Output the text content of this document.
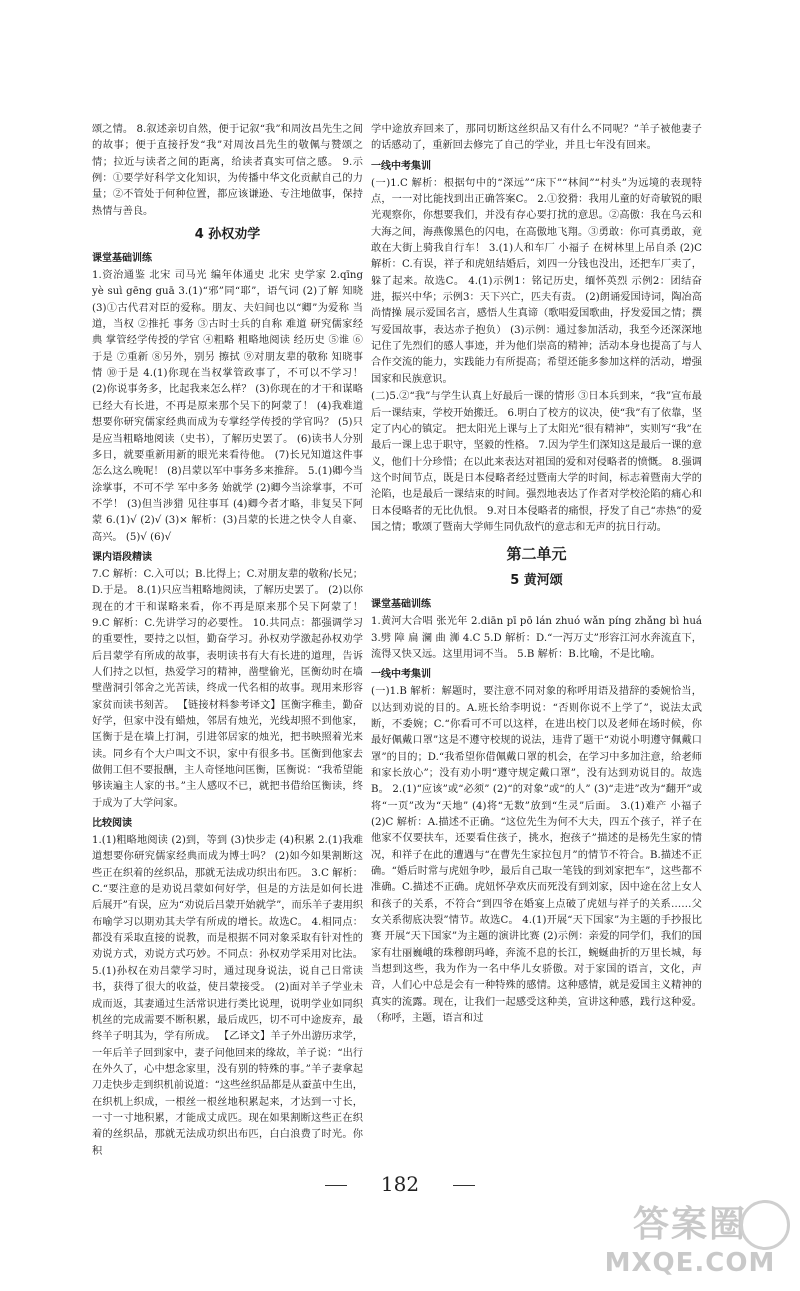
颂之情。 8.叙述亲切自然，便于记叙“我”和周汝昌先生之间的故事；便于直接抒发“我”对周汝昌先生的敬佩与赞颂之情；拉近与读者之间的距离，给读者真实可信之感。 9.示例：①要学好科学文化知识，为传播中华文化贡献自己的力量；②不管处于何种位置，都应该谦逊、专注地做事，保持热情与善良。

4 孙权劝学
课堂基础训练

1.资治通鉴 北宋 司马光 编年体通史 北宋 史学家 2.qīng yè suì gēng guā 3.(1)“邪”同“耶”，语气词 (2)了解 知晓 (3)①古代君对臣的爱称。朋友、夫妇间也以“卿”为爱称 当道，当权 ②推托 事务 ③古时士兵的自称 难道 研究儒家经典 掌管经学传授的学官 ④粗略 粗略地阅读 经历史 ⑤谁 ⑥于是 ⑦重新 ⑧另外，别另 擦拭 ⑨对朋友辈的敬称 知晓事情 ⑩于是 4.(1)你现在当权掌管政事了，不可以不学习！ (2)你说事务多，比起我来怎么样？ (3)你现在的才干和谋略已经大有长进，不再是原来那个吴下的阿蒙了！ (4)我难道想要你研究儒家经典而成为专掌经学传授的学官吗？ (5)只是应当粗略地阅读（史书），了解历史罢了。 (6)读书人分别多日，就要重新用新的眼光来看待他。 (7)长兄知道这件事怎么这么晚呢！ (8)吕蒙以军中事务多来推辞。 5.(1)卿今当涂掌事，不可不学 军中多务 始就学 (2)卿今当涂掌事，不可不学！ (3)但当涉猎 见往事耳 (4)卿今者才略，非复吴下阿蒙 6.(1)√ (2)√ (3)× 解析：(3)吕蒙的长进之快令人自豪、高兴。 (5)√ (6)√

课内语段精读

7.C 解析：C.入可以；B.比得上；C.对朋友辈的敬称/长兄；D.于是。 8.(1)只应当粗略地阅读，了解历史罢了。 (2)以你现在的才干和谋略来看，你不再是原来那个吴下阿蒙了！ 9.C 解析：C.先讲学习的必要性。 10.共同点：都强调学习的重要性，要持之以恒，勤奋学习。孙权劝学激起孙权劝学后吕蒙学有所成的故事，表明读书有大有长进的道理，告诉人们持之以恒，热爱学习的精神，凿壁偷光，匡衡幼时在墙壁凿洞引邻舍之光苦读，终成一代名相的故事。现用来形容家贫而读书刻苦。 【链接材料参考译文】匡衡字稚圭，勤奋好学，但家中没有蜡烛，邻居有烛光，光线却照不到他家，匡衡于是在墙上打洞，引进邻居家的烛光，把书映照着光来读。同乡有个大户叫文不识，家中有很多书。匡衡到他家去做佣工但不要报酬，主人奇怪地问匡衡，匡衡说：“我希望能够读遍主人家的书。”主人感叹不已，就把书借给匡衡读，终于成为了大学问家。

比较阅读

1.(1)粗略地阅读 (2)到，等到 (3)快步走 (4)积累 2.(1)我难道想要你研究儒家经典而成为博士吗？ (2)如今如果割断这些正在织着的丝织品，那就无法成功织出布匹。 3.C 解析：C.“要注意的是劝说吕蒙如何好学，但是的方法是如何长进后展开”有误，应为“劝说后吕蒙开始就学”，而乐羊子妻用织布喻学习以期劝其夫学有所成的增长。故选C。 4.相同点：都没有采取直接的说教，而是根据不同对象采取有针对性的劝说方式，劝说方式巧妙。不同点：孙权劝学采用对比法。 5.(1)孙权在劝吕蒙学习时，通过现身说法，说自己日常读书，获得了很大的收益，使吕蒙接受。 (2)面对羊子学业未成而返，其妻通过生活常识进行类比说理，说明学业如同织机丝的完成需要不断积累，最后成匹，切不可中途废弃，最终羊子明其为，学有所成。 【乙译文】羊子外出游历求学，一年后羊子回到家中，妻子问他回来的缘故，羊子说：“出行在外久了，心中想念家里，没有别的特殊的事。”羊子妻拿起刀走快步走到织机前说道：“这些丝织品都是从蚕茧中生出，在织机上织成，一根丝一根丝地积累起来，才达到一寸长，一寸一寸地积累，才能成丈成匹。现在如果割断这些正在织着的丝织品，那就无法成功织出布匹，白白浪费了时光。你积

学中途放弃回来了，那同切断这丝织品又有什么不同呢？”羊子被他妻子的话感动了，重新回去修完了自己的学业，并且七年没有回来。

一线中考集训

(一)1.C 解析：根据句中的“深远”“床下”“林间”“村头”为远境的表现特点，一一对比能找到出正确答案C。 2.①狡猾：我用儿童的好奇敏锐的眼光观察你，你想要我们，并没有存心要打扰的意思。②高傲：我在乌云和大海之间，海燕像黑色的闪电，在高傲地飞翔。③勇敢：你可真勇敢，竟敢在大街上骑我自行车！ 3.(1)人和车厂 小福子 在树林里上吊自杀 (2)C 解析：C.有误，祥子和虎妞结婚后，刘四一分钱也没出，还把车厂卖了，躲了起来。故选C。 4.(1)示例1：铭记历史，缅怀英烈 示例2：团结奋进，振兴中华；示例3：天下兴亡，匹夫有责。 (2)朗诵爱国诗词，陶冶高尚情操 展示爱国名言，感悟人生真谛（歌唱爱国歌曲，抒发爱国之情；撰写爱国故事，表达赤子抱负） (3)示例：通过参加活动，我至今还深深地记住了先烈们的感人事迹，并为他们崇高的精神；活动本身也提高了与人合作交流的能力，实践能力有所提高；希望还能多参加这样的活动，增强国家和民族意识。

(二)5.②“我”与学生认真上好最后一课的情形 ③日本兵到来，“我”宣布最后一课结束，学校开始搬迁。 6.明白了校方的议决，使“我”有了依靠，坚定了内心的镇定。 把太阳光上课与上了太阳光“很有精神”，实则写“我”在最后一课上忠于职守，坚毅的性格。 7.因为学生们深知这是最后一课的意义，他们十分珍惜；在以此来表达对祖国的爱和对侵略者的愤慨。 8.强调这个时间节点，既是日本侵略者经过暨南大学的时间，标志着暨南大学的沦陷，也是最后一课结束的时间。强烈地表达了作者对学校沦陷的痛心和日本侵略者的无比仇恨。 9.对日本侵略者的痛恨，抒发了自己“赤热”的爱国之情；歌颂了暨南大学师生同仇敌忾的意志和无声的抗日行动。

第二单元
5 黄河颂
课堂基础训练

1.黄河大合唱 张光年 2.diān pī pō lán zhuó wǎn píng zhǎng bì huá 3.劈 障 扁 澜 曲 浉 4.C 5.D 解析：D.“一泻万丈”形容江河水奔流直下，流得又快又远。这里用词不当。 5.B 解析：B.比喻，不是比喻。

一线中考集训

(一)1.B 解析：解题时，要注意不同对象的称呼用语及措辞的委婉恰当，以达到劝说的目的。A.班长给李明说：“否则你说不上学了”，说法太武断，不委婉；C.“你看可不可以这样，在进出校门以及老师在场时候，你最好佩戴口罩”这是不遵守校规的说法，违背了题干“劝说小明遵守佩戴口罩”的目的；D.“我希望你借佩戴口罩的机会，在学习中多加注意，给老师和家长放心”；没有劝小明“遵守规定戴口罩”，没有达到劝说目的。故选B。 2.(1)“应该”或“必须” (2)“的对象”或“的人” (3)“走进”改为“翻开”或将“一页”改为“天地” (4)将“无数”放到“生灵”后面。 3.(1)难产 小福子 (2)C 解析：A.描述不正确。“这位先生为何不大夫，四五个孩子，祥子在他家不仅要扶车，还要看住孩子，挑水，抱孩子”描述的是杨先生家的情况，和祥子在此的遭遇与“在曹先生家拉包月”的情节不符合。B.描述不正确。“婚后时常与虎妞争吵，最后自己取一笔钱的到刘家把车”，这些都不准确。C.描述不正确。虎妞怀孕欢庆而死没有到刘家，因中途在岔上女人和孩子的关系，不符合“到四爷在婚宴上点破了虎妞与祥子的关系……父女关系彻底决裂”情节。故选C。 4.(1)开展“天下国家”为主题的手抄报比赛 开展“天下国家”为主题的演讲比赛 (2)示例：亲爱的同学们，我们的国家有壮丽巍峨的珠穆朗玛峰，奔流不息的长江，蜿蜒曲折的万里长城，每当想到这些，我为作为一名中华儿女骄傲。对于家国的语言，文化，声音，人们心中总是会有一种特殊的感情。这种感情，就是爱国主义精神的真实的流露。现在，让我们一起感受这种美，宣讲这种感，践行这种爱。（称呼，主题，语言和过

182
答案圈
MXQE.COM
